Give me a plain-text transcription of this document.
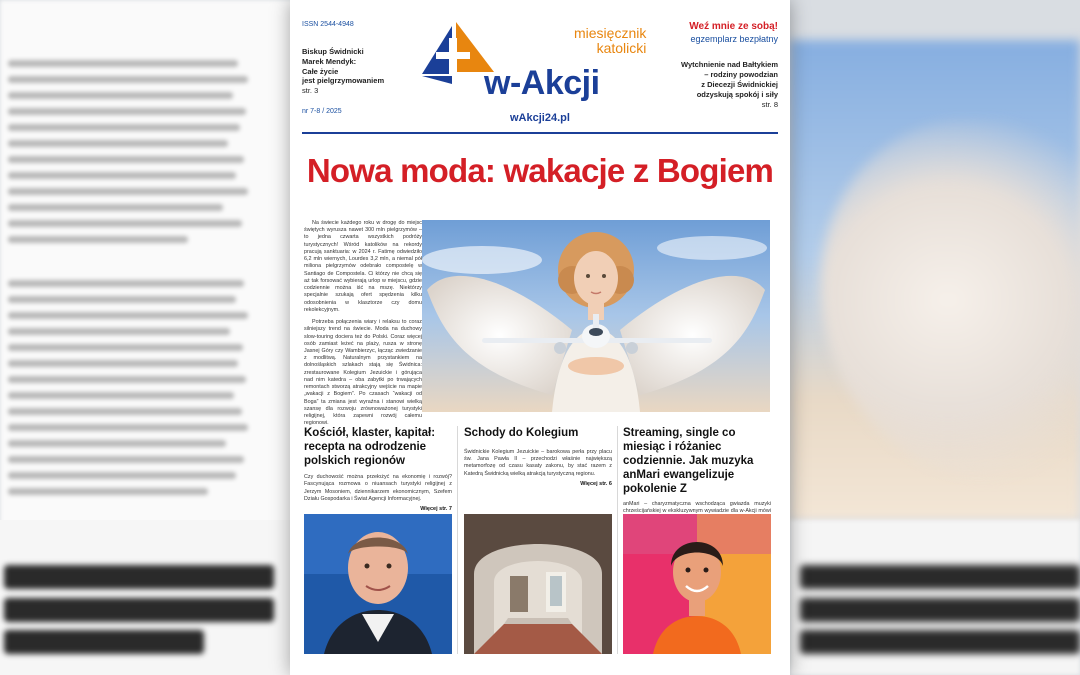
ISSN 2544-4948
Biskup Świdnicki
Marek Mendyk:
Całe życie
jest pielgrzymowaniem
str. 3
nr 7-8 / 2025
w-Akcji
miesięcznik
katolicki
wAkcji24.pl
Weź mnie ze sobą!
egzemplarz bezpłatny
Wytchnienie nad Bałtykiem
– rodziny powodzian
z Diecezji Świdnickiej
odzyskują spokój i siły
str. 8
Nowa moda: wakacje z Bogiem

Na świecie każdego roku w drogę do miejsc świętych wyrusza nawet 300 mln pielgrzymów – to jedna czwarta wszystkich podróży turystycznych! Wśród katolików na rekordy pracują sanktuaria: w 2024 r. Fatimę odwiedziło 6,2 mln wiernych, Lourdes 3,2 mln, a niemal pół miliona pielgrzymów odebrało compostelę w Santiago de Compostela. Ci którzy nie chcą się aż tak forsować wybierają urlop w miejscu, gdzie codziennie można iść na mszę. Niektórzy specjalnie szukają ofert spędzenia kilku odosobnienia w klasztorze czy domu rekolekcyjnym.

Potrzeba połączenia wiary i relaksu to coraz silniejszy trend na świecie. Moda na duchowy slow-touring dociera też do Polski. Coraz więcej osób zamiast leżeć na plaży, rusza w stronę Jasnej Góry czy Wambierzyc, łącząc zwiedzanie z modlitwą. Naturalnym przystankiem na dolnośląskich szlakach stają się Świdnica: zrestaurowane Kolegium Jezuickie i górująca nad nim katedra – oba zabytki po trwających remontach stworzą atrakcyjny wejście na mapie „wakacji z Bogiem”. Po czasach “wakacji od Boga” ta zmiana jest wyraźna i stanowi wielką szansę dla rozwoju zrównoważonej turystyki religijnej, która zapewni rozwój całemu regionowi.

Kościół, klaster, kapitał: recepta na odrodzenie polskich regionów
Czy duchowość można przełożyć na ekonomię i rozwój? Fascynująca rozmowa o niuansach turystyki religijnej z Jerzym Mosoniem, dziennikarzem ekonomicznym, Szefem Działu Gospodarka i Świat Agencji Informacyjnej.
Więcej str. 7
Schody do Kolegium
Świdnickie Kolegium Jezuickie – barokowa perła przy placu św. Jana Pawła II – przechodzi właśnie największą metamorfozę od czasu kasaty zakonu, by stać razem z Katedrą Świdnicką wielką atrakcją turystyczną regionu.
Więcej str. 6
Streaming, single co miesiąc i różaniec codziennie. Jak muzyka anMari ewangelizuje pokolenie Z
anMari – charyzmatyczna wschodząca gwiazda muzyki chrześcijańskiej w ekskluzywnym wywiadzie dla w-Akcji mówi
